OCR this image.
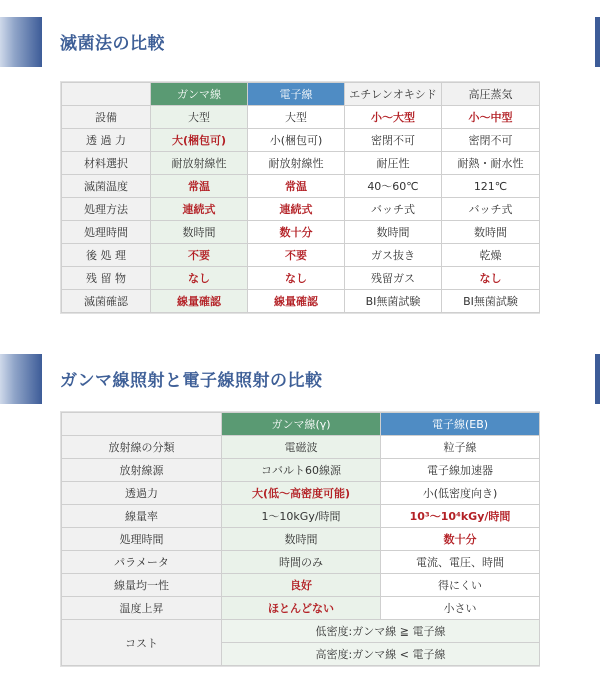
滅菌法の比較
	ガンマ線	電子線	エチレンオキシド	高圧蒸気
設備	大型	大型	小〜大型	小〜中型
透 過 力	大(梱包可)	小(梱包可)	密閉不可	密閉不可
材料選択	耐放射線性	耐放射線性	耐圧性	耐熱・耐水性
滅菌温度	常温	常温	40〜60℃	121℃
処理方法	連続式	連続式	バッチ式	バッチ式
処理時間	数時間	数十分	数時間	数時間
後 処 理	不要	不要	ガス抜き	乾燥
残 留 物	なし	なし	残留ガス	なし
滅菌確認	線量確認	線量確認	BI無菌試験	BI無菌試験
ガンマ線照射と電子線照射の比較
	ガンマ線(γ)	電子線(EB)
放射線の分類	電磁波	粒子線
放射線源	コバルト60線源	電子線加速器
透過力	大(低〜高密度可能)	小(低密度向き)
線量率	1〜10kGy/時間	10³〜10⁴kGy/時間
処理時間	数時間	数十分
パラメータ	時間のみ	電流、電圧、時間
線量均一性	良好	得にくい
温度上昇	ほとんどない	小さい
コスト	低密度:ガンマ線 ≧ 電子線	
	高密度:ガンマ線 < 電子線	
